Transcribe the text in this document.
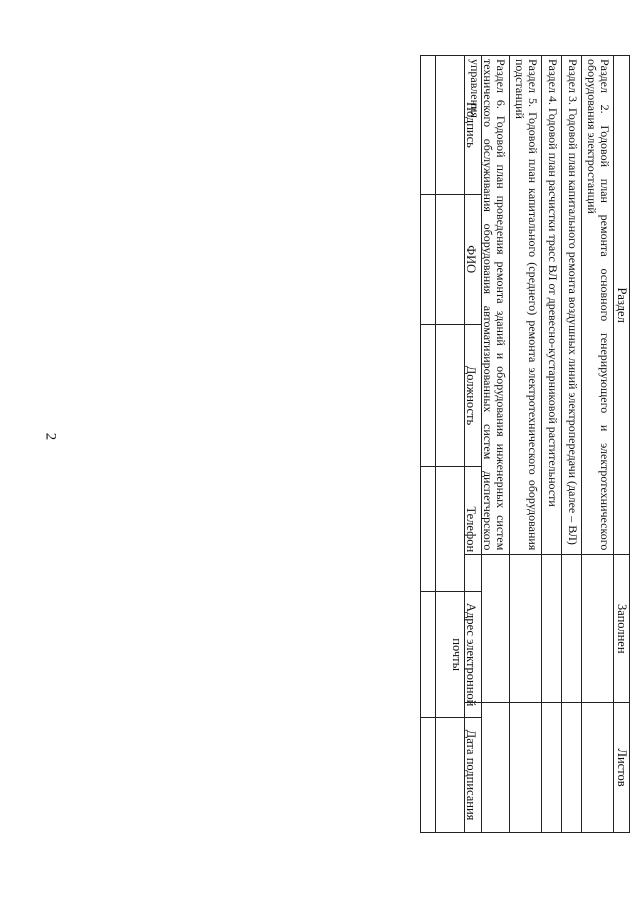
2
Раздел	Заполнен	Листов
Раздел 2. Годовой план ремонта основного генерирующего и электротехнического оборудования электростанций		
Раздел 3. Годовой план капитального ремонта воздушных линий электропередачи (далее – ВЛ)		
Раздел 4. Годовой план расчистки трасс ВЛ от древесно-кустарниковой растительности		
Раздел 5. Годовой план капитального (среднего) ремонта электротехнического оборудования подстанций		
Раздел 6. Годовой план проведения ремонта зданий и оборудования инженерных систем технического обслуживания оборудования автоматизированных систем диспетчерского управления		
Подпись	ФИО	Должность	Телефон	Адрес электронной почты	Дата подписания
